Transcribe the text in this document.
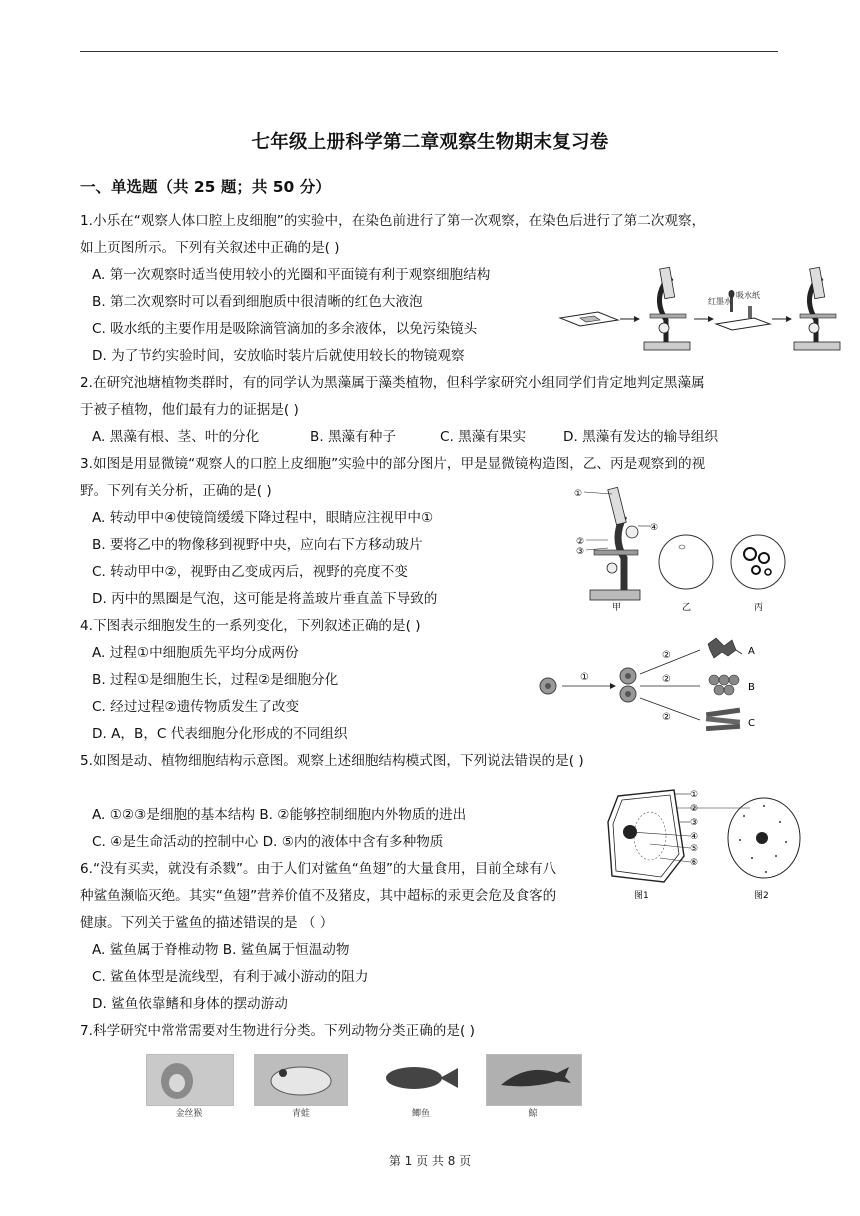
七年级上册科学第二章观察生物期末复习卷
一、单选题（共 25 题；共 50 分）
1.小乐在“观察人体口腔上皮细胞”的实验中，在染色前进行了第一次观察，在染色后进行了第二次观察，
如上页图所示。下列有关叙述中正确的是( )
A. 第一次观察时适当使用较小的光圈和平面镜有利于观察细胞结构
B. 第二次观察时可以看到细胞质中很清晰的红色大液泡
C. 吸水纸的主要作用是吸除滴管滴加的多余液体，以免污染镜头
D. 为了节约实验时间，安放临时装片后就使用较长的物镜观察
红墨水
吸水纸
2.在研究池塘植物类群时，有的同学认为黑藻属于藻类植物，但科学家研究小组同学们肯定地判定黑藻属
于被子植物，他们最有力的证据是( )
A. 黑藻有根、茎、叶的分化	B. 黑藻有种子	C. 黑藻有果实	D. 黑藻有发达的输导组织
3.如图是用显微镜“观察人的口腔上皮细胞”实验中的部分图片，甲是显微镜构造图，乙、丙是观察到的视
野。下列有关分析，正确的是( )
A. 转动甲中④使镜筒缓缓下降过程中，眼睛应注视甲中①
B. 要将乙中的物像移到视野中央，应向右下方移动玻片
C. 转动甲中②，视野由乙变成丙后，视野的亮度不变
D. 丙中的黑圈是气泡，这可能是将盖玻片垂直盖下导致的
①
②
③
④
甲	乙	丙
4.下图表示细胞发生的一系列变化，下列叙述正确的是( )
A. 过程①中细胞质先平均分成两份
B. 过程①是细胞生长，过程②是细胞分化
C. 经过过程②遗传物质发生了改变
D. A，B，C 代表细胞分化形成的不同组织
①
②
②
②
A
B
C
5.如图是动、植物细胞结构示意图。观察上述细胞结构模式图，下列说法错误的是( )
A. ①②③是细胞的基本结构 B. ②能够控制细胞内外物质的进出
C. ④是生命活动的控制中心 D. ⑤内的液体中含有多种物质
①
②
③
④
⑤
⑥
图1	图2
6.“没有买卖，就没有杀戮”。由于人们对鲨鱼“鱼翅”的大量食用，目前全球有八
种鲨鱼濒临灭绝。其实“鱼翅”营养价值不及猪皮，其中超标的汞更会危及食客的
健康。下列关于鲨鱼的描述错误的是 （ ）
A. 鲨鱼属于脊椎动物 B. 鲨鱼属于恒温动物
C. 鲨鱼体型是流线型，有利于减小游动的阻力
D. 鲨鱼依靠鳍和身体的摆动游动
7.科学研究中常常需要对生物进行分类。下列动物分类正确的是( )
金丝猴	青蛙	鲫鱼	鲸
第 1 页 共 8 页
